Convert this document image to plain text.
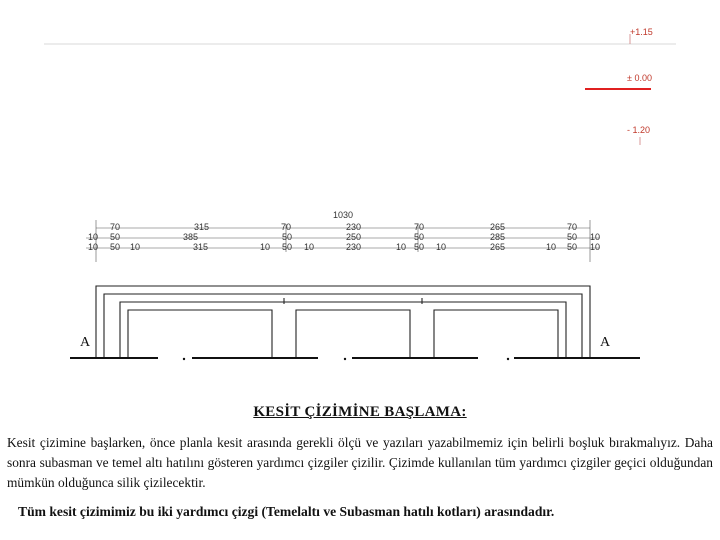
+1.15
± 0.00
- 1.20
1030
70	315	70	230	70	265	70
10 50	385	50	250	50	285	50 10
10 50 10	315	10 50 10	230	10 50 10	265	10 50 10
A	A
KESİT ÇİZİMİNE BAŞLAMA:
Kesit çizimine başlarken, önce planla kesit arasında gerekli ölçü ve yazıları yazabilmemiz için belirli boşluk bırakmalıyız. Daha sonra subasman ve temel altı hatılını gösteren yardımcı çizgiler çizilir. Çizimde kullanılan tüm yardımcı çizgiler geçici olduğundan mümkün olduğunca silik çizilecektir.
Tüm kesit çizimimiz bu iki yardımcı çizgi (Temelaltı ve Subasman hatılı kotları) arasındadır.
